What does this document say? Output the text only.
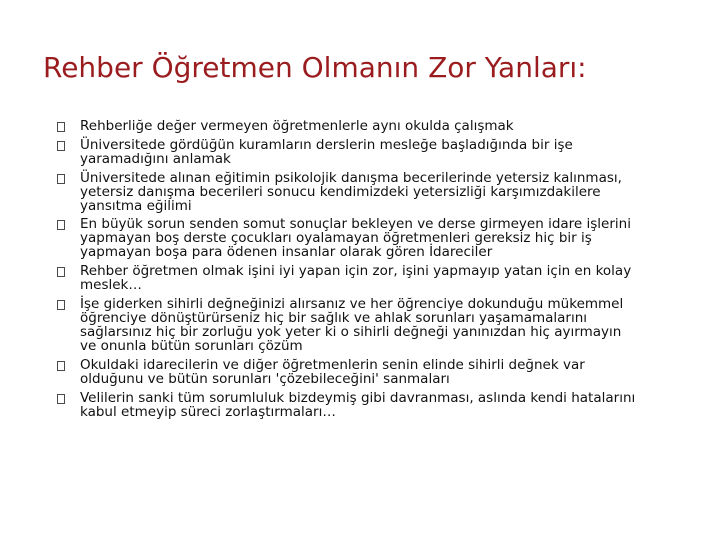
Rehber Öğretmen Olmanın Zor Yanları:
Rehberliğe değer vermeyen öğretmenlerle aynı okulda çalışmak
Üniversitede gördüğün kuramların derslerin mesleğe başladığında bir işe
yaramadığını anlamak
Üniversitede alınan eğitimin psikolojik danışma becerilerinde yetersiz kalınması,
yetersiz danışma becerileri sonucu kendimizdeki yetersizliği karşımızdakilere
yansıtma eğilimi
En büyük sorun senden somut sonuçlar bekleyen ve derse girmeyen idare işlerini
yapmayan boş derste çocukları oyalamayan öğretmenleri gereksiz hiç bir iş
yapmayan boşa para ödenen insanlar olarak gören İdareciler
Rehber öğretmen olmak işini iyi yapan için zor, işini yapmayıp yatan için en kolay
meslek…
İşe giderken sihirli değneğinizi alırsanız ve her öğrenciye dokunduğu mükemmel
öğrenciye dönüştürürseniz hiç bir sağlık ve ahlak sorunları yaşamamalarını
sağlarsınız hiç bir zorluğu yok yeter ki o sihirli değneği yanınızdan hiç ayırmayın
ve onunla bütün sorunları çözüm
Okuldaki idarecilerin ve diğer öğretmenlerin senin elinde sihirli değnek var
olduğunu ve bütün sorunları 'çözebileceğini' sanmaları
Velilerin sanki tüm sorumluluk bizdeymiş gibi davranması, aslında kendi hatalarını
kabul etmeyip süreci zorlaştırmaları…
